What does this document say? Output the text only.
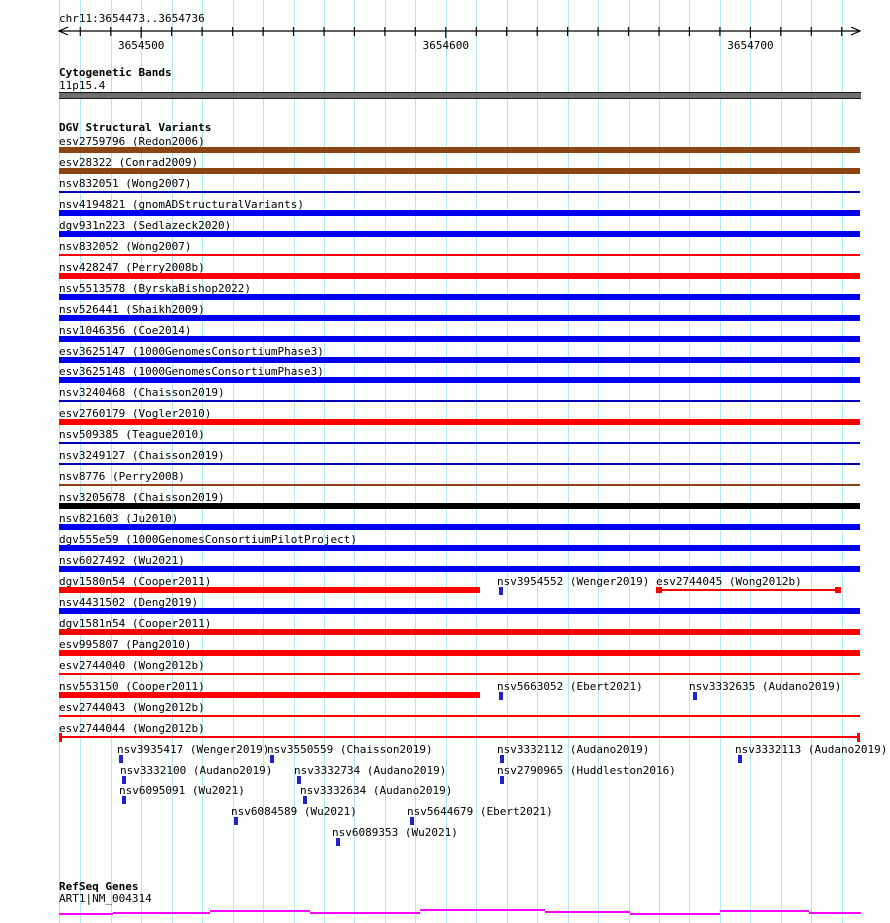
chr11:3654473..3654736
3654500	3654600	3654700
Cytogenetic Bands
11p15.4
DGV Structural Variants
esv2759796 (Redon2006)
esv28322 (Conrad2009)
nsv832051 (Wong2007)
nsv4194821 (gnomADStructuralVariants)
dgv931n223 (Sedlazeck2020)
nsv832052 (Wong2007)
nsv428247 (Perry2008b)
nsv5513578 (ByrskaBishop2022)
nsv526441 (Shaikh2009)
nsv1046356 (Coe2014)
esv3625147 (1000GenomesConsortiumPhase3)
esv3625148 (1000GenomesConsortiumPhase3)
nsv3240468 (Chaisson2019)
esv2760179 (Vogler2010)
nsv509385 (Teague2010)
nsv3249127 (Chaisson2019)
nsv8776 (Perry2008)
nsv3205678 (Chaisson2019)
nsv821603 (Ju2010)
dgv555e59 (1000GenomesConsortiumPilotProject)
nsv6027492 (Wu2021)
dgv1580n54 (Cooper2011)	nsv3954552 (Wenger2019) esv2744045 (Wong2012b)
nsv4431502 (Deng2019)
dgv1581n54 (Cooper2011)
esv995807 (Pang2010)
esv2744040 (Wong2012b)
nsv553150 (Cooper2011)	nsv5663052 (Ebert2021)	nsv3332635 (Audano2019)
esv2744043 (Wong2012b)
esv2744044 (Wong2012b)
nsv3935417 (Wenger2019)
nsv3550559 (Chaisson2019)	nsv3332112 (Audano2019)	nsv3332113 (Audano2019)
nsv3332100 (Audano2019) nsv3332734 (Audano2019)	nsv2790965 (Huddleston2016)
nsv6095091 (Wu2021)	nsv3332634 (Audano2019)
nsv6084589 (Wu2021)	nsv5644679 (Ebert2021)
nsv6089353 (Wu2021)
RefSeq Genes
ART1|NM_004314
